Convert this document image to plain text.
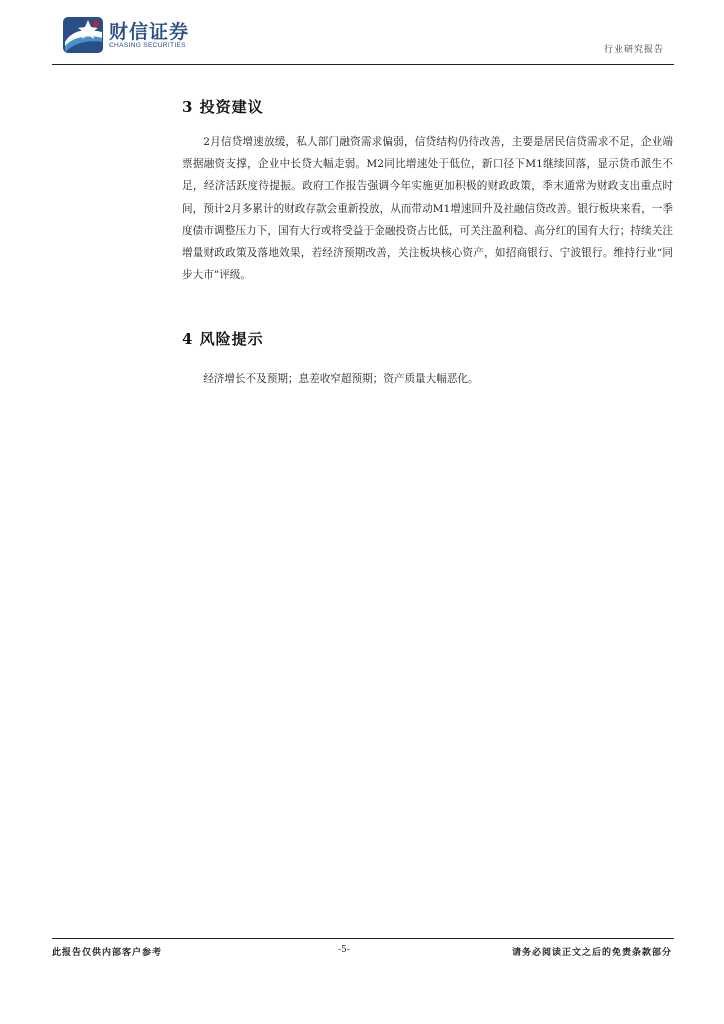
财信证券
CHASING SECURITIES	行业研究报告
3 投资建议
2月信贷增速放缓，私人部门融资需求偏弱，信贷结构仍待改善，主要是居民信贷需求不足，企业端票据融资支撑，企业中长贷大幅走弱。M2同比增速处于低位，新口径下M1继续回落，显示货币派生不足，经济活跃度待提振。政府工作报告强调今年实施更加积极的财政政策，季末通常为财政支出重点时间，预计2月多累计的财政存款会重新投放，从而带动M1增速回升及社融信贷改善。银行板块来看，一季度债市调整压力下，国有大行或将受益于金融投资占比低，可关注盈利稳、高分红的国有大行；持续关注增量财政政策及落地效果，若经济预期改善，关注板块核心资产，如招商银行、宁波银行。维持行业“同步大市”评级。
4 风险提示
经济增长不及预期；息差收窄超预期；资产质量大幅恶化。
此报告仅供内部客户参考	-5-	请务必阅读正文之后的免责条款部分
